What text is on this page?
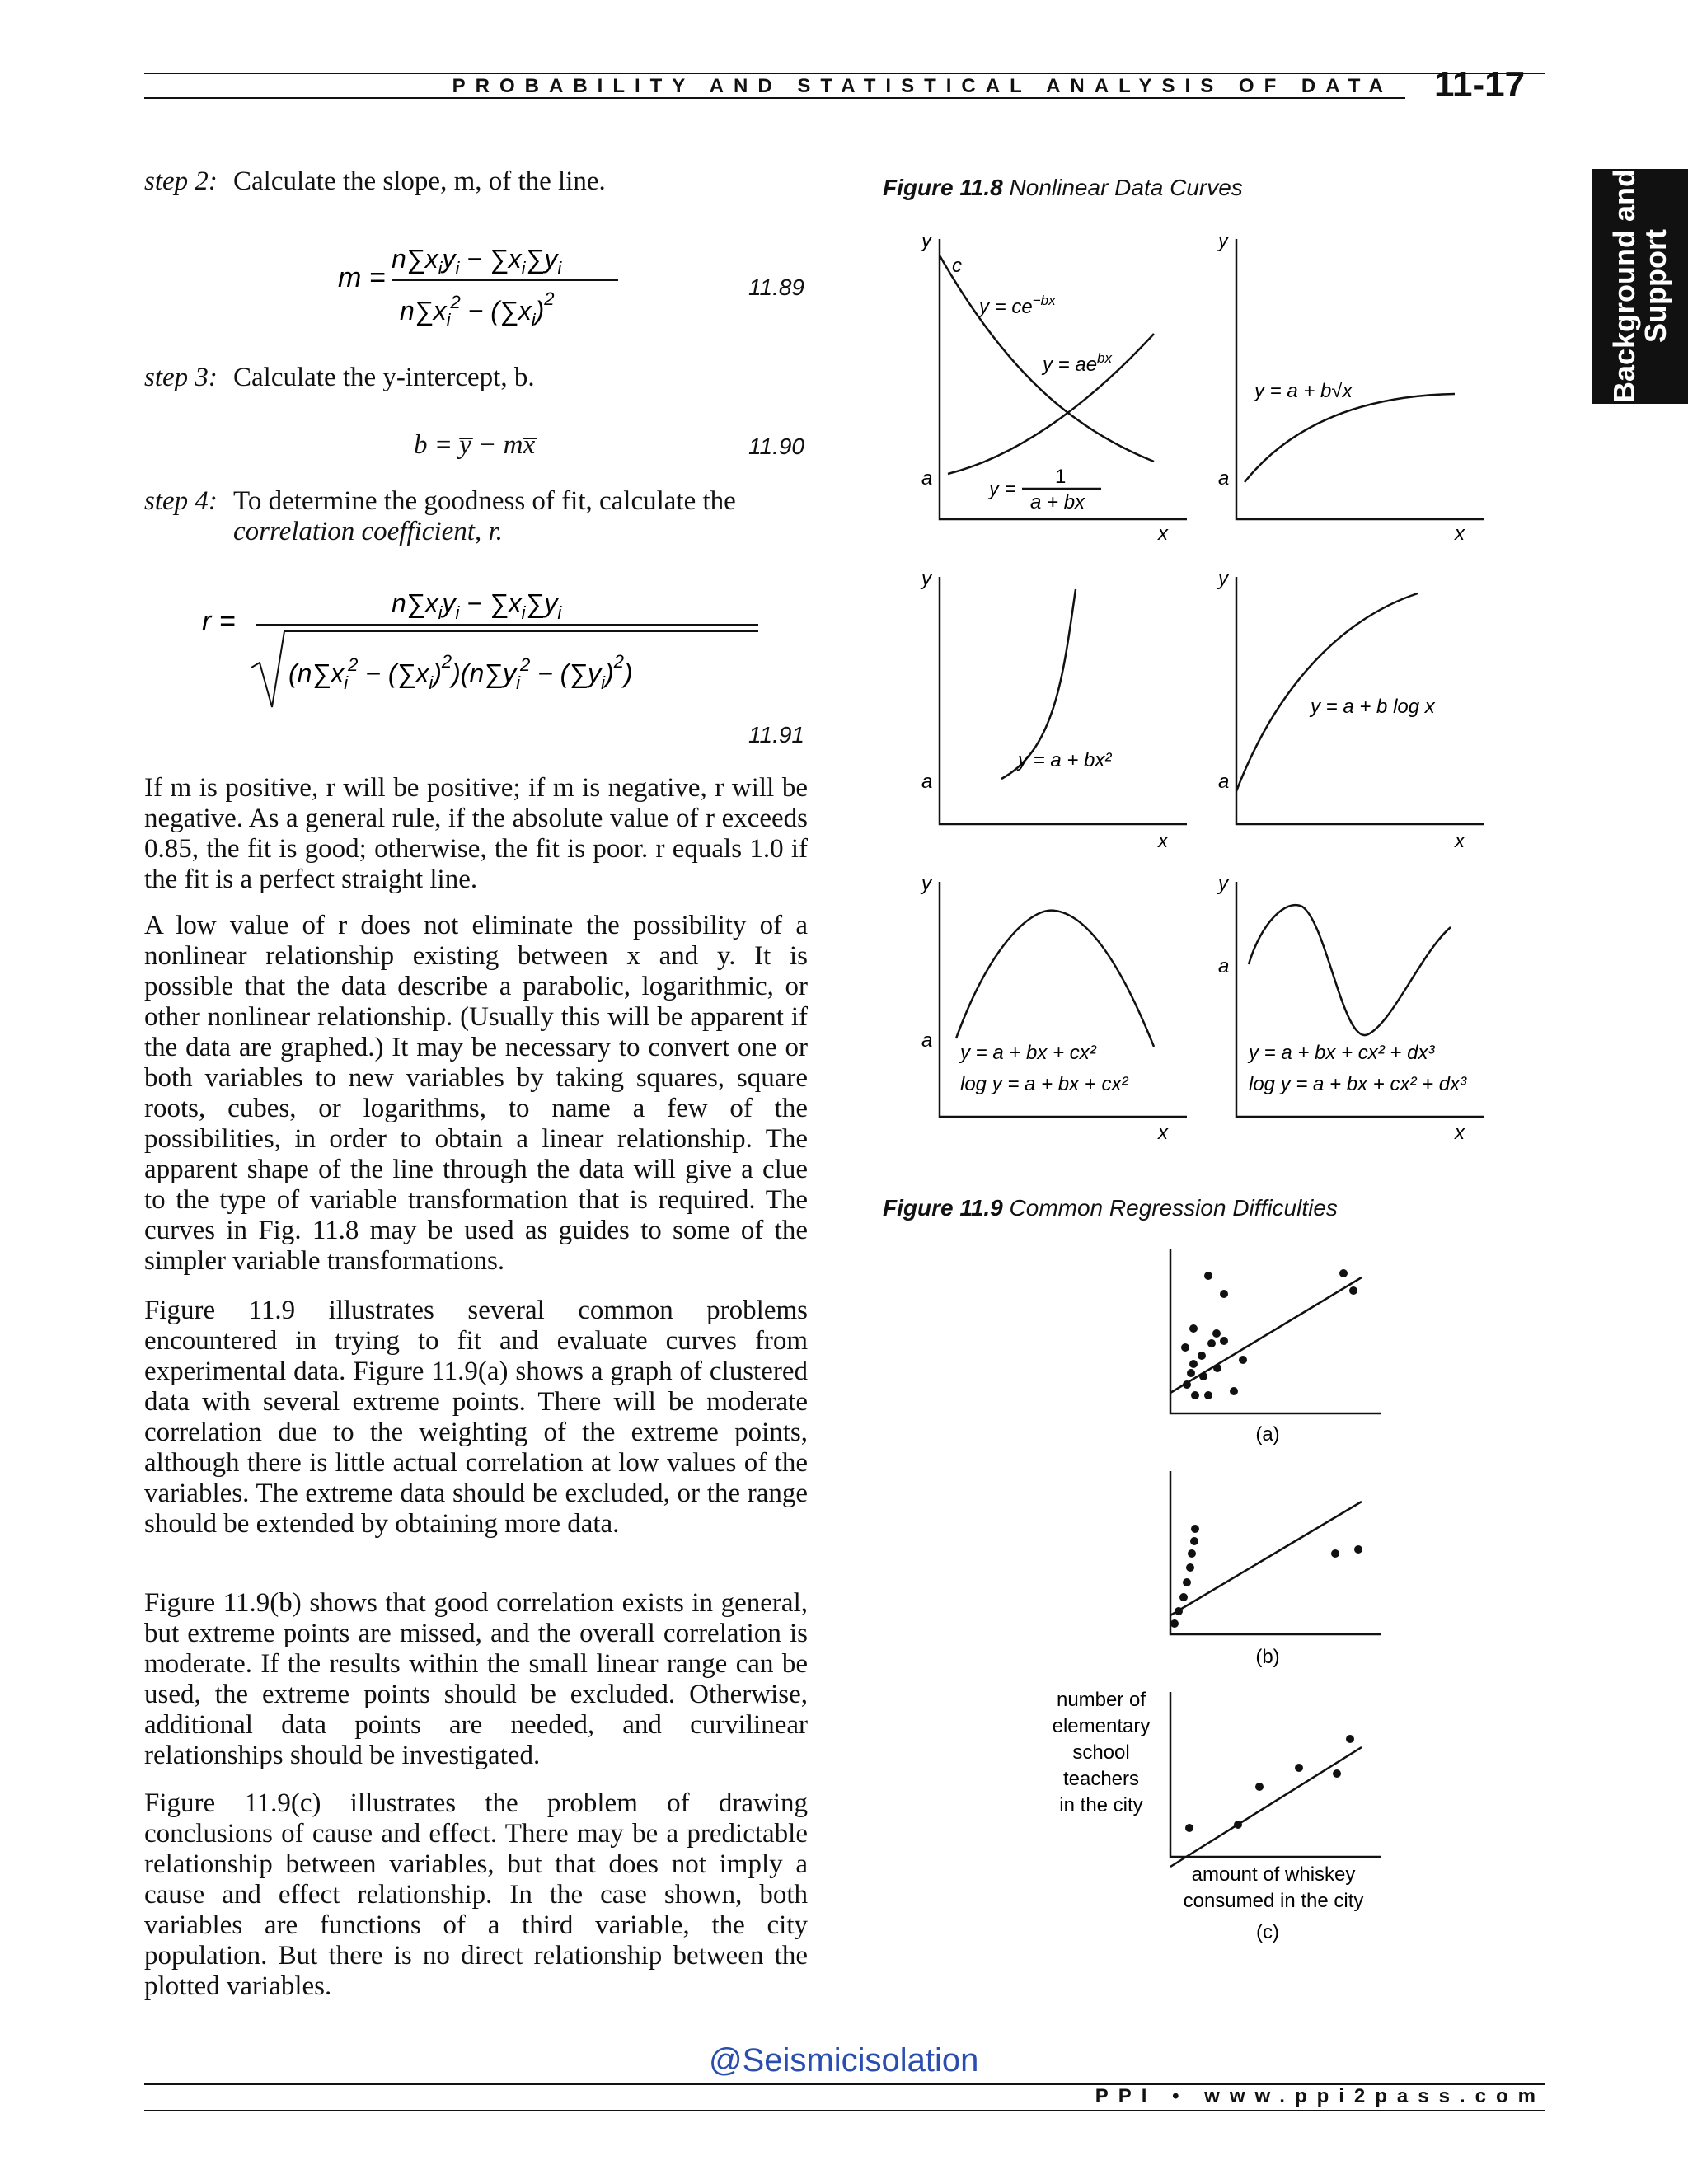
PROBABILITY AND STATISTICAL ANALYSIS OF DATA 11-17
Background and
Support
step 2: Calculate the slope, m, of the line.
m =
$n\sum x_iy_i - \sum x_i\sum y_i$
$n\sum x_i^2 - (\sum x_i)^2$	11.89
step 3: Calculate the y-intercept, b.
b = y̅ − mx̅	11.90
step 4: To determine the goodness of fit, calculate the
correlation coefficient, r.
r =
$n\sum x_iy_i - \sum x_i\sum y_i$
$(n\sum x_i^2 - (\sum x_i)^2)(n\sum y_i^2 - (\sum y_i)^2)$
11.91
If m is positive, r will be positive; if m is negative, r will be negative. As a general rule, if the absolute value of r exceeds 0.85, the fit is good; otherwise, the fit is poor. r equals 1.0 if the fit is a perfect straight line.
A low value of r does not eliminate the possibility of a nonlinear relationship existing between x and y. It is possible that the data describe a parabolic, logarithmic, or other nonlinear relationship. (Usually this will be apparent if the data are graphed.) It may be necessary to convert one or both variables to new variables by taking squares, square roots, cubes, or logarithms, to name a few of the possibilities, in order to obtain a linear relationship. The apparent shape of the line through the data will give a clue to the type of variable transformation that is required. The curves in Fig. 11.8 may be used as guides to some of the simpler variable transformations.
Figure 11.9 illustrates several common problems encountered in trying to fit and evaluate curves from experimental data. Figure 11.9(a) shows a graph of clustered data with several extreme points. There will be moderate correlation due to the weighting of the extreme points, although there is little actual correlation at low values of the variables. The extreme data should be excluded, or the range should be extended by obtaining more data.
Figure 11.9(b) shows that good correlation exists in general, but extreme points are missed, and the overall correlation is moderate. If the results within the small linear range can be used, the extreme points should be excluded. Otherwise, additional data points are needed, and curvilinear relationships should be investigated.
Figure 11.9(c) illustrates the problem of drawing conclusions of cause and effect. There may be a predictable relationship between variables, but that does not imply a cause and effect relationship. In the case shown, both variables are functions of a third variable, the city population. But there is no direct relationship between the plotted variables.
Figure 11.8 Nonlinear Data Curves
y
x
a
c
$y = ce^{-bx}$
$y = ae^{bx}$
1
y =
a + bx
y
x
a
y = a + b√x
y
x
a
y = a + bx²
y
x
a
y = a + b log x
y
x
a
y = a + bx + cx²
log y = a + bx + cx²
y
x
a
y = a + bx + cx² + dx³
log y = a + bx + cx² + dx³
Figure 11.9 Common Regression Difficulties
(a)
(b)
(c)
number of
elementary
school
teachers
in the city
amount of whiskey
consumed in the city
@Seismicisolation
PPI • www.ppi2pass.com
